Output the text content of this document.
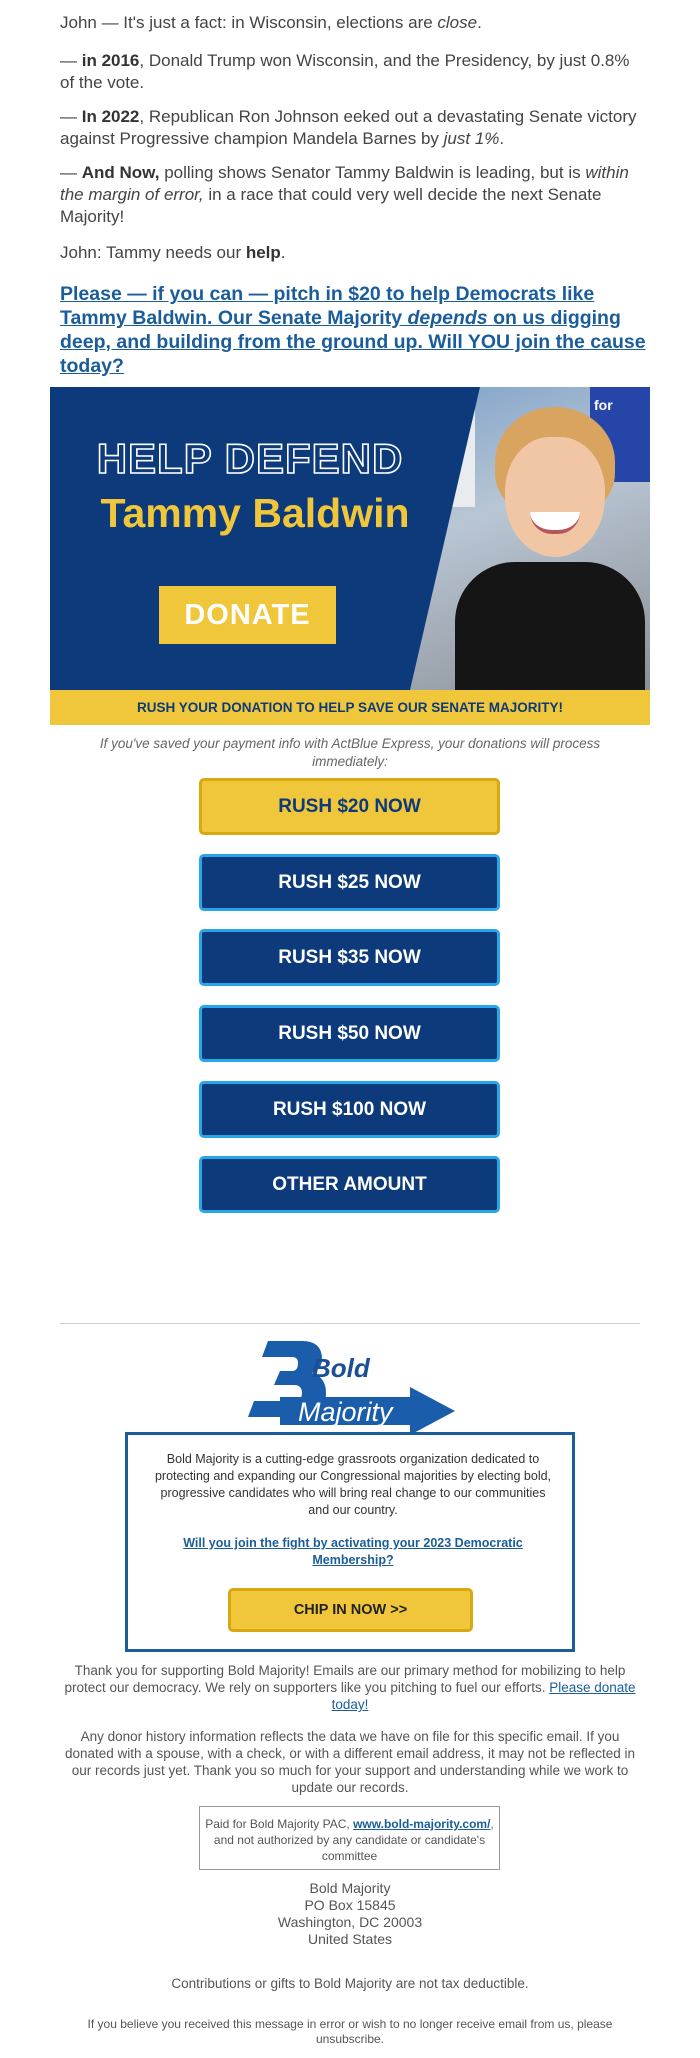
John — It's just a fact: in Wisconsin, elections are close.

— in 2016, Donald Trump won Wisconsin, and the Presidency, by just 0.8% of the vote.

— In 2022, Republican Ron Johnson eeked out a devastating Senate victory against Progressive champion Mandela Barnes by just 1%.

— And Now, polling shows Senator Tammy Baldwin is leading, but is within the margin of error, in a race that could very well decide the next Senate Majority!

John: Tammy needs our help.

Please — if you can — pitch in $20 to help Democrats like Tammy Baldwin. Our Senate Majority depends on us digging deep, and building from the ground up. Will YOU join the cause today?
for
HELP DEFEND
Tammy Baldwin
DONATE
RUSH YOUR DONATION TO HELP SAVE OUR SENATE MAJORITY!

If you've saved your payment info with ActBlue Express, your donations will process immediately:

RUSH $20 NOW
RUSH $25 NOW
RUSH $35 NOW
RUSH $50 NOW
RUSH $100 NOW
OTHER AMOUNT
Bold
Majority

Bold Majority is a cutting-edge grassroots organization dedicated to protecting and expanding our Congressional majorities by electing bold, progressive candidates who will bring real change to our communities and our country.

Will you join the fight by activating your 2023 Democratic Membership?
CHIP IN NOW >>

Thank you for supporting Bold Majority! Emails are our primary method for mobilizing to help protect our democracy. We rely on supporters like you pitching to fuel our efforts. Please donate today!

Any donor history information reflects the data we have on file for this specific email. If you donated with a spouse, with a check, or with a different email address, it may not be reflected in our records just yet. Thank you so much for your support and understanding while we work to update our records.

Paid for Bold Majority PAC, www.bold-majority.com/, and not authorized by any candidate or candidate's committee
Bold Majority
PO Box 15845
Washington, DC 20003
United States

Contributions or gifts to Bold Majority are not tax deductible.

If you believe you received this message in error or wish to no longer receive email from us, please unsubscribe.
